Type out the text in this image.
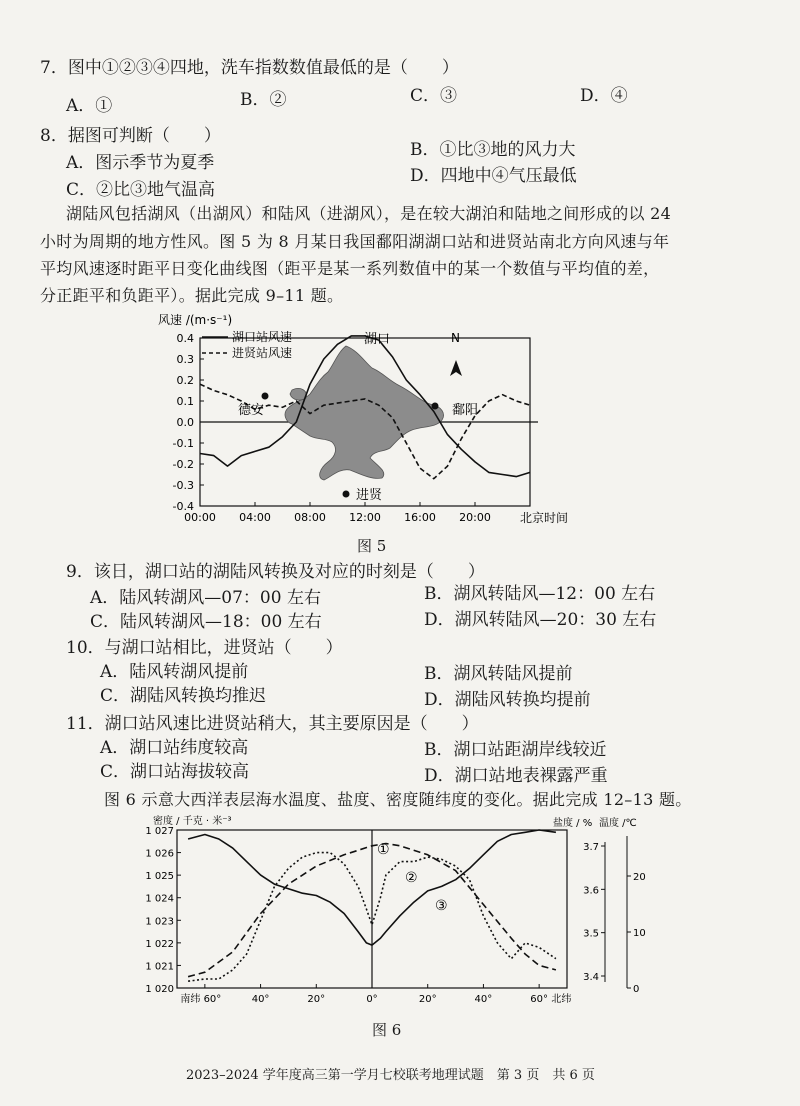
7．图中①②③④四地，洗车指数数值最低的是（　　）
A．①	B．②	C．③	D．④
8．据图可判断（　　）
A．图示季节为夏季
B．①比③地的风力大
C．②比③地气温高
D．四地中④气压最低
湖陆风包括湖风（出湖风）和陆风（进湖风），是在较大湖泊和陆地之间形成的以 24
小时为周期的地方性风。图 5 为 8 月某日我国鄱阳湖湖口站和进贤站南北方向风速与年
平均风速逐时距平日变化曲线图（距平是某一系列数值中的某一个数值与平均值的差，
分正距平和负距平）。据此完成 9–11 题。
0.4
0.3
0.2
0.1
0.0
-0.1
-0.2
-0.3
-0.4
00:00 04:00 08:00 12:00 16:00 20:00
湖口站风速
进贤站风速
湖口
德安	鄱阳
进贤
N
风速 /(m·s⁻¹)
北京时间
图 5
9．该日，湖口站的湖陆风转换及对应的时刻是（　　）
A．陆风转湖风—07：00 左右	B．湖风转陆风—12：00 左右
C．陆风转湖风—18：00 左右	D．湖风转陆风—20：30 左右
10．与湖口站相比，进贤站（　　）
A．陆风转湖风提前	B．湖风转陆风提前
C．湖陆风转换均推迟	D．湖陆风转换均提前
11．湖口站风速比进贤站稍大，其主要原因是（　　）
A．湖口站纬度较高	B．湖口站距湖岸线较近
C．湖口站海拔较高	D．湖口站地表裸露严重
图 6 示意大西洋表层海水温度、盐度、密度随纬度的变化。据此完成 12–13 题。
1 027
1 026
1 025
1 024
1 023
1 022
1 021
1 020
3.7
3.6
3.5
3.4
20
10
0
南纬 60°	40°	20°	0°	20°	40°	60° 北纬
密度 / 千克 · 米⁻³	盐度 / % 温度 /℃
①
②
③
图 6
2023–2024 学年度高三第一学月七校联考地理试题　第 3 页　共 6 页
